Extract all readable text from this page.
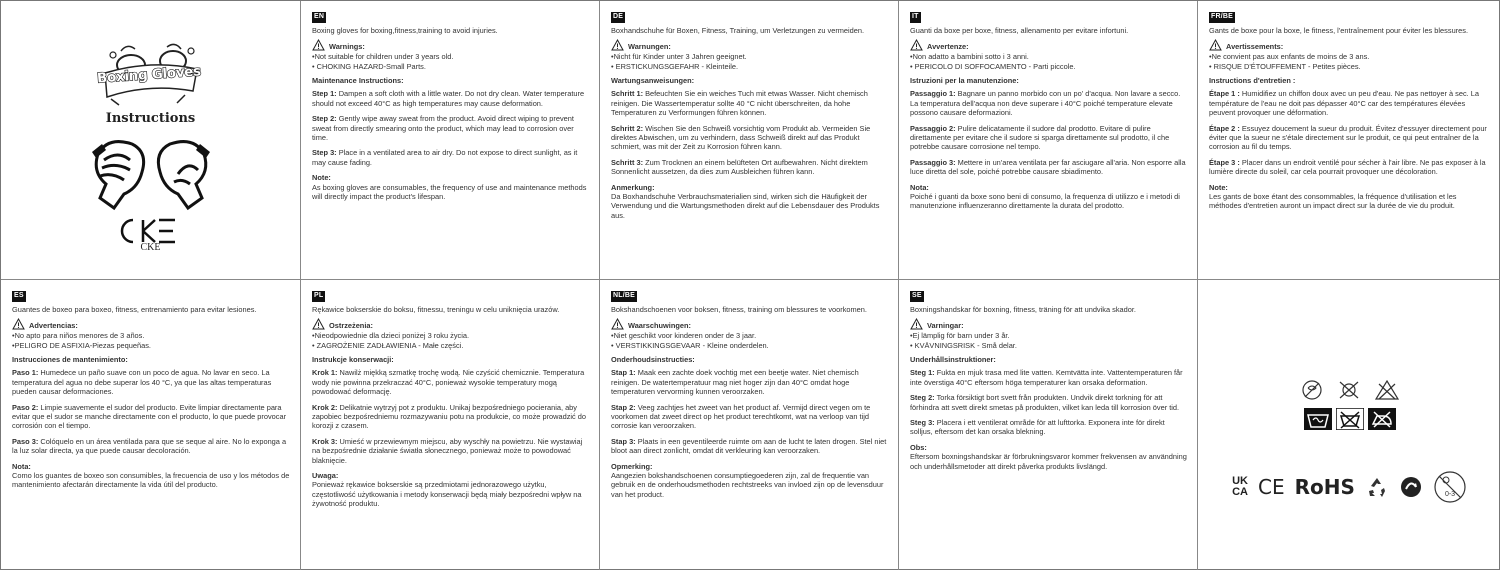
Boxing Gloves
Instructions
CKE
EN
Boxing gloves for boxing,fitness,training to avoid injuries.
Warnings:
•Not suitable for children under 3 years old.
• CHOKING HAZARD-Small Parts.
Maintenance Instructions:
Step 1: Dampen a soft cloth with a little water. Do not dry clean. Water temperature should not exceed 40°C as high temperatures may cause deformation.
Step 2: Gently wipe away sweat from the product. Avoid direct wiping to prevent sweat from directly smearing onto the product, which may lead to corrosion over time.
Step 3: Place in a ventilated area to air dry. Do not expose to direct sunlight, as it may cause fading.
Note:
As boxing gloves are consumables, the frequency of use and maintenance methods will directly impact the product's lifespan.
DE
Boxhandschuhe für Boxen, Fitness, Training, um Verletzungen zu vermeiden.
Warnungen:
•Nicht für Kinder unter 3 Jahren geeignet.
• ERSTICKUNGSGEFAHR - Kleinteile.
Wartungsanweisungen:
Schritt 1: Befeuchten Sie ein weiches Tuch mit etwas Wasser. Nicht chemisch reinigen. Die Wassertemperatur sollte 40 °C nicht überschreiten, da hohe Temperaturen zu Verformungen führen können.
Schritt 2: Wischen Sie den Schweiß vorsichtig vom Produkt ab. Vermeiden Sie direktes Abwischen, um zu verhindern, dass Schweiß direkt auf das Produkt schmiert, was mit der Zeit zu Korrosion führen kann.
Schritt 3: Zum Trocknen an einem belüfteten Ort aufbewahren. Nicht direktem Sonnenlicht aussetzen, da dies zum Ausbleichen führen kann.
Anmerkung:
Da Boxhandschuhe Verbrauchsmaterialien sind, wirken sich die Häufigkeit der Verwendung und die Wartungsmethoden direkt auf die Lebensdauer des Produkts aus.
IT
Guanti da boxe per boxe, fitness, allenamento per evitare infortuni.
Avvertenze:
•Non adatto a bambini sotto i 3 anni.
• PERICOLO DI SOFFOCAMENTO - Parti piccole.
Istruzioni per la manutenzione:
Passaggio 1: Bagnare un panno morbido con un po' d'acqua. Non lavare a secco. La temperatura dell'acqua non deve superare i 40°C poiché temperature elevate possono causare deformazioni.
Passaggio 2: Pulire delicatamente il sudore dal prodotto. Evitare di pulire direttamente per evitare che il sudore si sparga direttamente sul prodotto, il che potrebbe causare corrosione nel tempo.
Passaggio 3: Mettere in un'area ventilata per far asciugare all'aria. Non esporre alla luce diretta del sole, poiché potrebbe causare sbiadimento.
Nota:
Poiché i guanti da boxe sono beni di consumo, la frequenza di utilizzo e i metodi di manutenzione influenzeranno direttamente la durata del prodotto.
FR/BE
Gants de boxe pour la boxe, le fitness, l'entraînement pour éviter les blessures.
Avertissements:
•Ne convient pas aux enfants de moins de 3 ans.
• RISQUE D'ÉTOUFFEMENT - Petites pièces.
Instructions d'entretien :
Étape 1 : Humidifiez un chiffon doux avec un peu d'eau. Ne pas nettoyer à sec. La température de l'eau ne doit pas dépasser 40°C car des températures élevées peuvent provoquer une déformation.
Étape 2 : Essuyez doucement la sueur du produit. Évitez d'essuyer directement pour éviter que la sueur ne s'étale directement sur le produit, ce qui peut entraîner de la corrosion au fil du temps.
Étape 3 : Placer dans un endroit ventilé pour sécher à l'air libre. Ne pas exposer à la lumière directe du soleil, car cela pourrait provoquer une décoloration.
Note:
Les gants de boxe étant des consommables, la fréquence d'utilisation et les méthodes d'entretien auront un impact direct sur la durée de vie du produit.
ES
Guantes de boxeo para boxeo, fitness, entrenamiento para evitar lesiones.
Advertencias:
•No apto para niños menores de 3 años.
•PELIGRO DE ASFIXIA-Piezas pequeñas.
Instrucciones de mantenimiento:
Paso 1: Humedece un paño suave con un poco de agua. No lavar en seco. La temperatura del agua no debe superar los 40 °C, ya que las altas temperaturas pueden causar deformaciones.
Paso 2: Limpie suavemente el sudor del producto. Evite limpiar directamente para evitar que el sudor se manche directamente con el producto, lo que puede provocar corrosión con el tiempo.
Paso 3: Colóquelo en un área ventilada para que se seque al aire. No lo exponga a la luz solar directa, ya que puede causar decoloración.
Nota:
Como los guantes de boxeo son consumibles, la frecuencia de uso y los métodos de mantenimiento afectarán directamente la vida útil del producto.
PL
Rękawice bokserskie do boksu, fitnessu, treningu w celu uniknięcia urazów.
Ostrzeżenia:
•Nieodpowiednie dla dzieci poniżej 3 roku życia.
• ZAGROŻENIE ZADŁAWIENIA - Małe części.
Instrukcje konserwacji:
Krok 1: Nawilż miękką szmatkę trochę wodą. Nie czyścić chemicznie. Temperatura wody nie powinna przekraczać 40°C, ponieważ wysokie temperatury mogą powodować deformację.
Krok 2: Delikatnie wytrzyj pot z produktu. Unikaj bezpośredniego pocierania, aby zapobiec bezpośredniemu rozmazywaniu potu na produkcie, co może prowadzić do korozji z czasem.
Krok 3: Umieść w przewiewnym miejscu, aby wyschły na powietrzu. Nie wystawiaj na bezpośrednie działanie światła słonecznego, ponieważ może to powodować blaknięcie.
Uwaga:
Ponieważ rękawice bokserskie są przedmiotami jednorazowego użytku, częstotliwość użytkowania i metody konserwacji będą miały bezpośredni wpływ na żywotność produktu.
NL/BE
Bokshandschoenen voor boksen, fitness, training om blessures te voorkomen.
Waarschuwingen:
•Niet geschikt voor kinderen onder de 3 jaar.
• VERSTIKKINGSGEVAAR - Kleine onderdelen.
Onderhoudsinstructies:
Stap 1: Maak een zachte doek vochtig met een beetje water. Niet chemisch reinigen. De watertemperatuur mag niet hoger zijn dan 40°C omdat hoge temperaturen vervorming kunnen veroorzaken.
Stap 2: Veeg zachtjes het zweet van het product af. Vermijd direct vegen om te voorkomen dat zweet direct op het product terechtkomt, wat na verloop van tijd corrosie kan veroorzaken.
Stap 3: Plaats in een geventileerde ruimte om aan de lucht te laten drogen. Stel niet bloot aan direct zonlicht, omdat dit verkleuring kan veroorzaken.
Opmerking:
Aangezien bokshandschoenen consumptiegoederen zijn, zal de frequentie van gebruik en de onderhoudsmethoden rechtstreeks van invloed zijn op de levensduur van het product.
SE
Boxningshandskar för boxning, fitness, träning för att undvika skador.
Varningar:
•Ej lämplig för barn under 3 år.
• KVÄVNINGSRISK - Små delar.
Underhållsinstruktioner:
Steg 1: Fukta en mjuk trasa med lite vatten. Kemtvätta inte. Vattentemperaturen får inte överstiga 40°C eftersom höga temperaturer kan orsaka deformation.
Steg 2: Torka försiktigt bort svett från produkten. Undvik direkt torkning för att förhindra att svett direkt smetas på produkten, vilket kan leda till korrosion över tid.
Steg 3: Placera i ett ventilerat område för att lufttorka. Exponera inte för direkt solljus, eftersom det kan orsaka blekning.
Obs:
Eftersom boxningshandskar är förbrukningsvaror kommer frekvensen av användning och underhållsmetoder att direkt påverka produkts livslängd.
UK
CA CE RoHS	0-3
